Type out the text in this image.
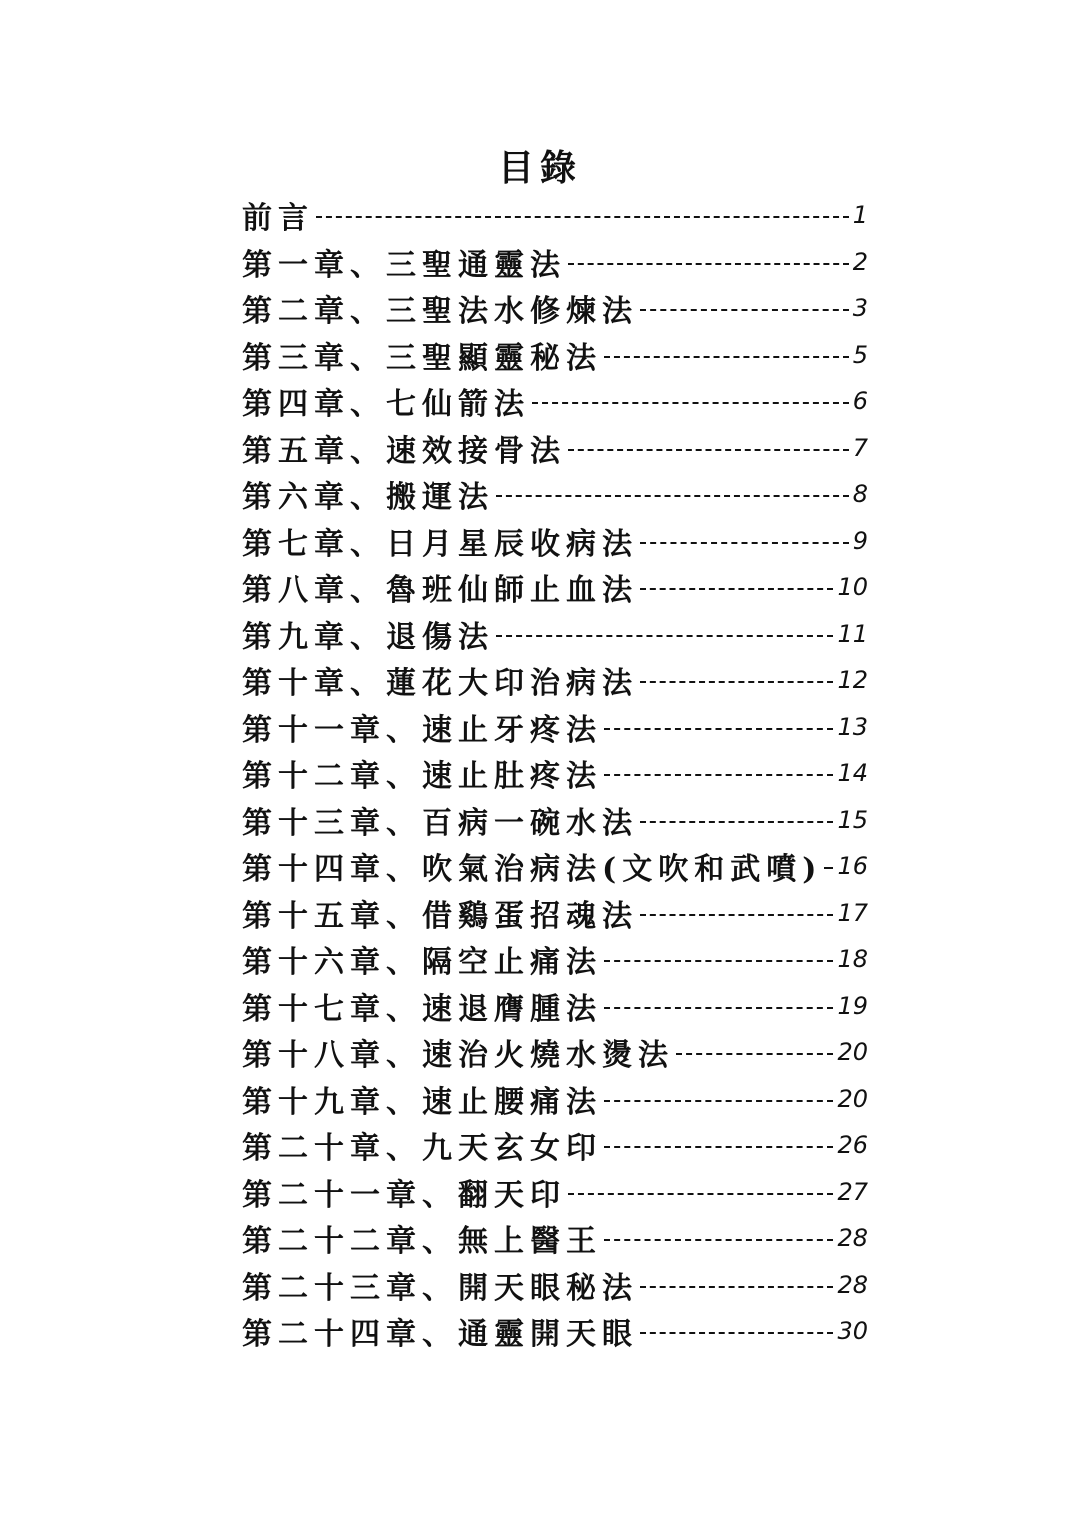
目錄
前言	1
第一章、三聖通靈法	2
第二章、三聖法水修煉法	3
第三章、三聖顯靈秘法	5
第四章、七仙箭法	6
第五章、速效接骨法	7
第六章、搬運法	8
第七章、日月星辰收病法	9
第八章、魯班仙師止血法	10
第九章、退傷法	11
第十章、蓮花大印治病法	12
第十一章、速止牙疼法	13
第十二章、速止肚疼法	14
第十三章、百病一碗水法	15
第十四章、吹氣治病法(文吹和武噴) 16
第十五章、借鷄蛋招魂法	17
第十六章、隔空止痛法	18
第十七章、速退膺腫法	19
第十八章、速治火燒水燙法	20
第十九章、速止腰痛法	20
第二十章、九天玄女印	26
第二十一章、翻天印	27
第二十二章、無上醫王	28
第二十三章、開天眼秘法	28
第二十四章、通靈開天眼	30
